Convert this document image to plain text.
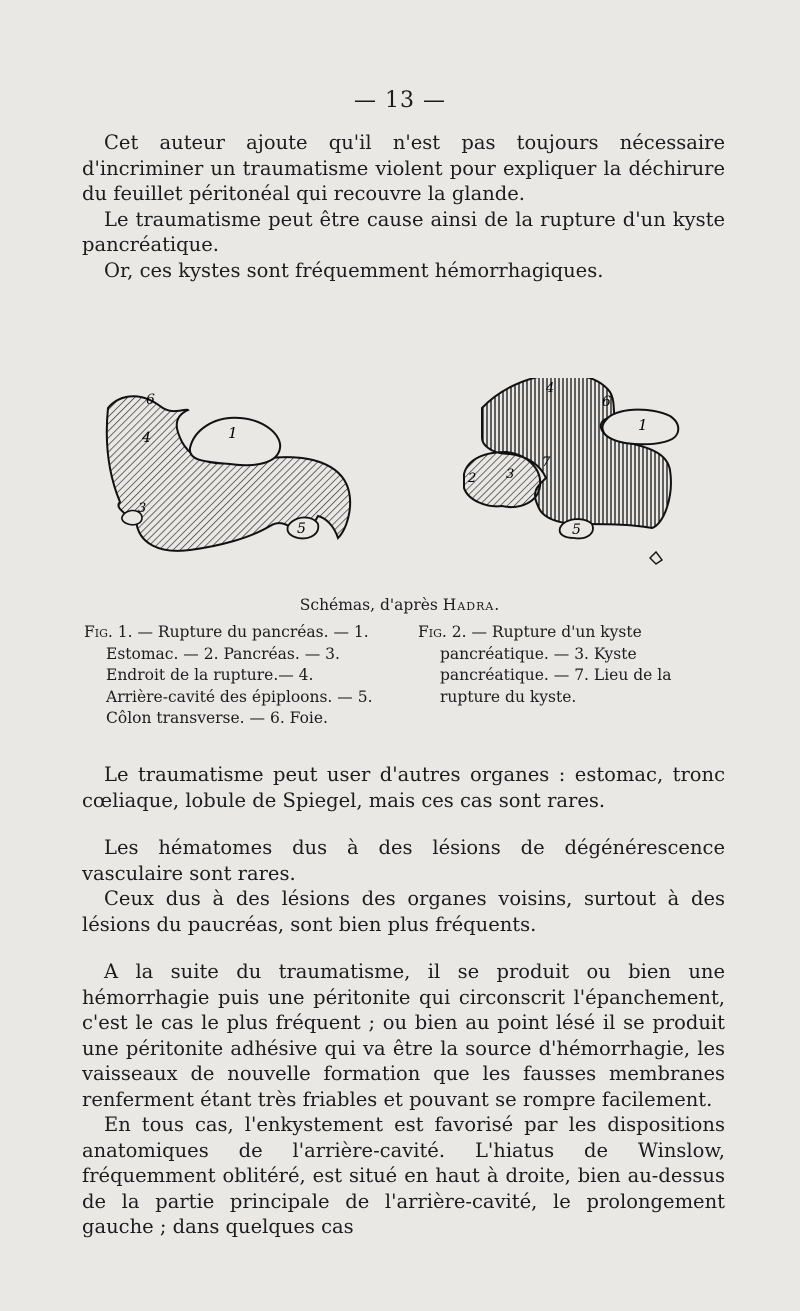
— 13 —

Cet auteur ajoute qu'il n'est pas toujours nécessaire d'incriminer un traumatisme violent pour expliquer la déchirure du feuillet péritonéal qui recouvre la glande.

Le traumatisme peut être cause ainsi de la rupture d'un kyste pancréatique.

Or, ces kystes sont fréquemment hémorrhagiques.

1
4
6
3
5
6
4
1
7
3
2
5
Schémas, d'après Hadra.

Fig. 1. — Rupture du pancréas. — 1. Estomac. — 2. Pancréas. — 3. Endroit de la rupture.— 4. Arrière-cavité des épiploons. — 5. Côlon transverse. — 6. Foie.

Fig. 2. — Rupture d'un kyste pancréatique. — 3. Kyste pancréatique. — 7. Lieu de la rupture du kyste.

Le traumatisme peut user d'autres organes : estomac, tronc cœliaque, lobule de Spiegel, mais ces cas sont rares.

Les hématomes dus à des lésions de dégénérescence vasculaire sont rares.

Ceux dus à des lésions des organes voisins, surtout à des lésions du paucréas, sont bien plus fréquents.

A la suite du traumatisme, il se produit ou bien une hémorrhagie puis une péritonite qui circonscrit l'épanchement, c'est le cas le plus fréquent ; ou bien au point lésé il se produit une péritonite adhésive qui va être la source d'hémorrhagie, les vaisseaux de nouvelle formation que les fausses membranes renferment étant très friables et pouvant se rompre facilement.

En tous cas, l'enkystement est favorisé par les dispositions anatomiques de l'arrière-cavité. L'hiatus de Winslow, fréquemment oblitéré, est situé en haut à droite, bien au-dessus de la partie principale de l'arrière-cavité, le prolongement gauche ; dans quelques cas
